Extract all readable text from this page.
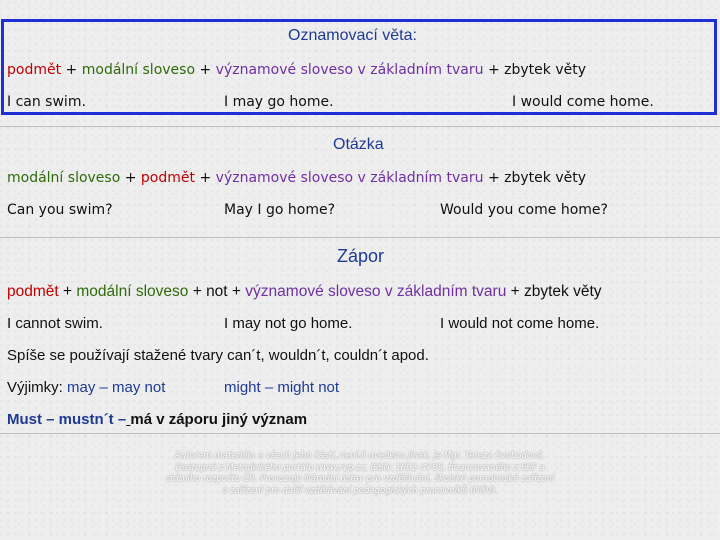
Oznamovací věta:
podmět + modální sloveso + významové sloveso v základním tvaru + zbytek věty
I can swim.	I may go home.	I would come home.
Otázka
modální sloveso + podmět + významové sloveso v základním tvaru + zbytek věty
Can you swim?	May I go home?	Would you come home?
Zápor
podmět + modální sloveso + not + významové sloveso v základním tvaru + zbytek věty
I cannot swim.	I may not go home.	I would not come home.
Spíše se používají stažené tvary can´t, wouldn´t, couldn´t apod.
Výjimky: may – may not	might – might not
Must – mustn´t – má v záporu jiný význam
Autorem materiálu a všech jeho částí, není-li uvedeno jinak, je Mgr. Tereza Svobodová.
Dostupné z Metodického portálu www.rvp.cz, ISSN: 1802–4785, financovaného z ESF a
státního rozpočtu ČR. Provozuje Národní ústav pro vzdělávání, školské poradenské zařízení
a zařízení pro další vzdělávání pedagogických pracovníků (NÚV).
